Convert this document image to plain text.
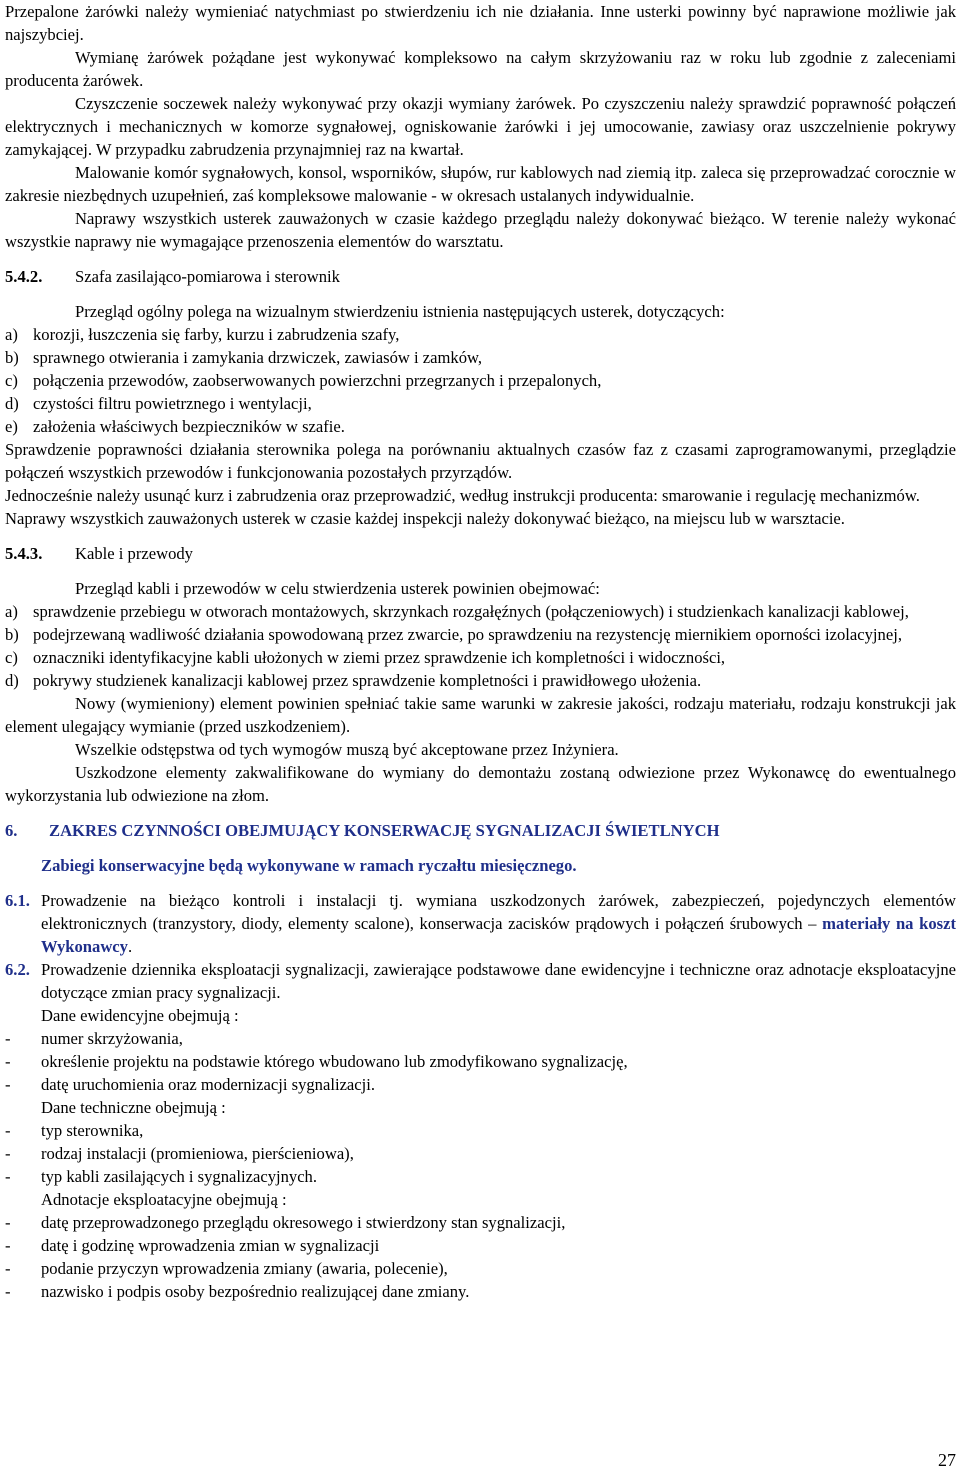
Przepalone żarówki należy wymieniać natychmiast po stwierdzeniu ich nie działania. Inne usterki powinny być naprawione możliwie jak najszybciej.

Wymianę żarówek pożądane jest wykonywać kompleksowo na całym skrzyżowaniu raz w roku lub zgodnie z zaleceniami producenta żarówek.

Czyszczenie soczewek należy wykonywać przy okazji wymiany żarówek. Po czyszczeniu należy sprawdzić poprawność połączeń elektrycznych i mechanicznych w komorze sygnałowej, ogniskowanie żarówki i jej umocowanie, zawiasy oraz uszczelnienie pokrywy zamykającej. W przypadku zabrudzenia przynajmniej raz na kwartał.

Malowanie komór sygnałowych, konsol, wsporników, słupów, rur kablowych nad ziemią itp. zaleca się przeprowadzać corocznie w zakresie niezbędnych uzupełnień, zaś kompleksowe malowanie - w okresach ustalanych indywidualnie.

Naprawy wszystkich usterek zauważonych w czasie każdego przeglądu należy dokonywać bieżąco. W terenie należy wykonać wszystkie naprawy nie wymagające przenoszenia elementów do warsztatu.

5.4.2.	Szafa zasilająco-pomiarowa i sterownik

Przegląd ogólny polega na wizualnym stwierdzeniu istnienia następujących usterek, dotyczących:

a) korozji, łuszczenia się farby, kurzu i zabrudzenia szafy,
b) sprawnego otwierania i zamykania drzwiczek, zawiasów i zamków,
c) połączenia przewodów, zaobserwowanych powierzchni przegrzanych i przepalonych,
d) czystości filtru powietrznego i wentylacji,
e) założenia właściwych bezpieczników w szafie.

Sprawdzenie poprawności działania sterownika polega na porównaniu aktualnych czasów faz z czasami zaprogramowanymi, przeglądzie połączeń wszystkich przewodów i funkcjonowania pozostałych przyrządów.

Jednocześnie należy usunąć kurz i zabrudzenia oraz przeprowadzić, według instrukcji producenta: smarowanie i regulację mechanizmów.

Naprawy wszystkich zauważonych usterek w czasie każdej inspekcji należy dokonywać bieżąco, na miejscu lub w warsztacie.

5.4.3.	Kable i przewody

Przegląd kabli i przewodów w celu stwierdzenia usterek powinien obejmować:

a) sprawdzenie przebiegu w otworach montażowych, skrzynkach rozgałęźnych (połączeniowych) i studzienkach kanalizacji kablowej,
b) podejrzewaną wadliwość działania spowodowaną przez zwarcie, po sprawdzeniu na rezystencję miernikiem oporności izolacyjnej,
c) oznaczniki identyfikacyjne kabli ułożonych w ziemi przez sprawdzenie ich kompletności i widoczności,
d) pokrywy studzienek kanalizacji kablowej przez sprawdzenie kompletności i prawidłowego ułożenia.

Nowy (wymieniony) element powinien spełniać takie same warunki w zakresie jakości, rodzaju materiału, rodzaju konstrukcji jak element ulegający wymianie (przed uszkodzeniem).

Wszelkie odstępstwa od tych wymogów muszą być akceptowane przez Inżyniera.

Uszkodzone elementy zakwalifikowane do wymiany do demontażu zostaną odwiezione przez Wykonawcę do ewentualnego wykorzystania lub odwiezione na złom.

6.	ZAKRES CZYNNOŚCI OBEJMUJĄCY KONSERWACJĘ SYGNALIZACJI ŚWIETLNYCH

Zabiegi konserwacyjne będą wykonywane w ramach ryczałtu miesięcznego.

6.1. Prowadzenie na bieżąco kontroli i instalacji tj. wymiana uszkodzonych żarówek, zabezpieczeń, pojedynczych elementów elektronicznych (tranzystory, diody, elementy scalone), konserwacja zacisków prądowych i połączeń śrubowych – materiały na koszt Wykonawcy.
6.2. Prowadzenie dziennika eksploatacji sygnalizacji, zawierające podstawowe dane ewidencyjne i techniczne oraz adnotacje eksploatacyjne dotyczące zmian pracy sygnalizacji.

Dane ewidencyjne obejmują :

-	numer skrzyżowania,
-	określenie projektu na podstawie którego wbudowano lub zmodyfikowano sygnalizację,
-	datę uruchomienia oraz modernizacji sygnalizacji.

Dane techniczne obejmują :

-	typ sterownika,
-	rodzaj instalacji (promieniowa, pierścieniowa),
-	typ kabli zasilających i sygnalizacyjnych.

Adnotacje eksploatacyjne obejmują :

-	datę przeprowadzonego przeglądu okresowego i stwierdzony stan sygnalizacji,
-	datę i godzinę wprowadzenia zmian w sygnalizacji
-	podanie przyczyn wprowadzenia zmiany (awaria, polecenie),
-	nazwisko i podpis osoby bezpośrednio realizującej dane zmiany.
27
